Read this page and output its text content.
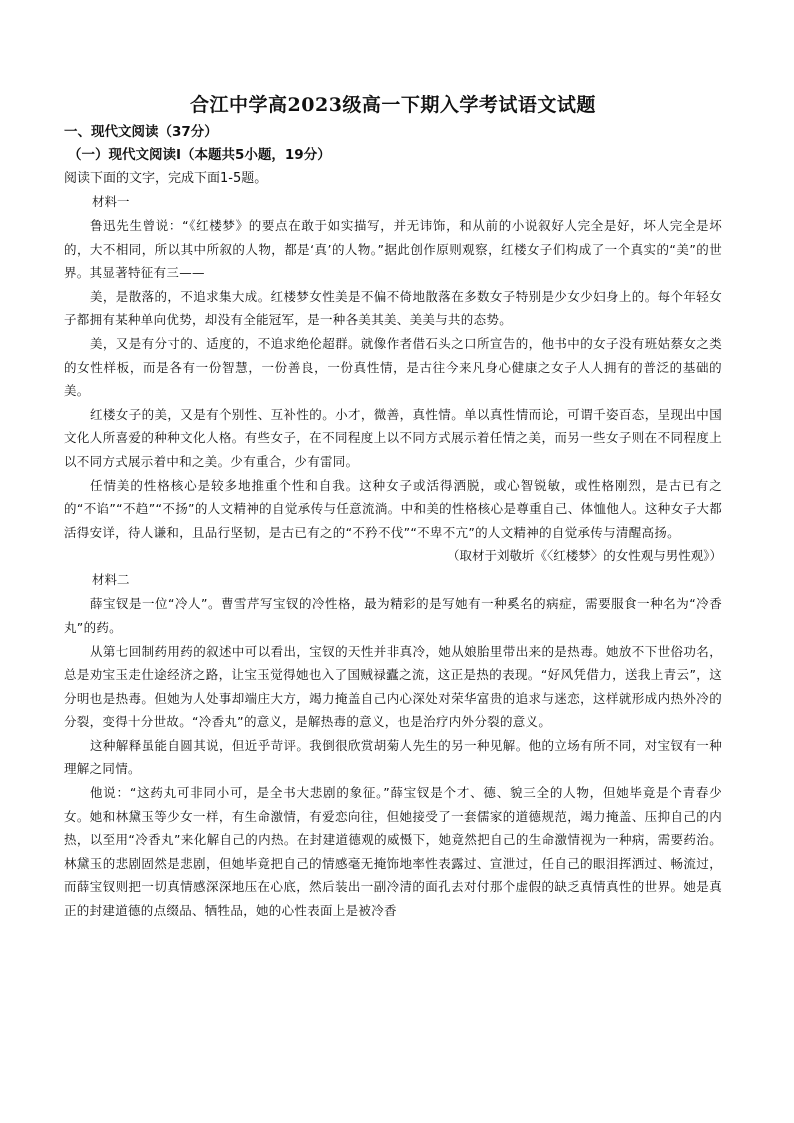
合江中学高2023级高一下期入学考试语文试题
一、现代文阅读（37分）
（一）现代文阅读I（本题共5小题，19分）
阅读下面的文字，完成下面1-5题。
材料一

鲁迅先生曾说：“《红楼梦》的要点在敢于如实描写，并无讳饰，和从前的小说叙好人完全是好，坏人完全是坏的，大不相同，所以其中所叙的人物，都是‘真’的人物。”据此创作原则观察，红楼女子们构成了一个真实的“美”的世界。其显著特征有三——

美，是散落的，不追求集大成。红楼梦女性美是不偏不倚地散落在多数女子特别是少女少妇身上的。每个年轻女子都拥有某种单向优势，却没有全能冠军，是一种各美其美、美美与共的态势。

美，又是有分寸的、适度的，不追求绝伦超群。就像作者借石头之口所宣告的，他书中的女子没有班姑蔡女之类的女性样板，而是各有一份智慧，一份善良，一份真性情，是古往今来凡身心健康之女子人人拥有的普泛的基础的美。

红楼女子的美，又是有个别性、互补性的。小才，微善，真性情。单以真性情而论，可谓千姿百态，呈现出中国文化人所喜爱的种种文化人格。有些女子，在不同程度上以不同方式展示着任情之美，而另一些女子则在不同程度上以不同方式展示着中和之美。少有重合，少有雷同。

任情美的性格核心是较多地推重个性和自我。这种女子或活得洒脱，或心智锐敏，或性格刚烈，是古已有之的“不谄”“不趋”“不扬”的人文精神的自觉承传与任意流淌。中和美的性格核心是尊重自己、体恤他人。这种女子大都活得安详，待人谦和，且品行坚韧，是古已有之的“不矜不伐”“不卑不亢”的人文精神的自觉承传与清醒高扬。

（取材于刘敬圻《〈红楼梦〉的女性观与男性观》）
材料二

薛宝钗是一位“冷人”。曹雪芹写宝钗的冷性格，最为精彩的是写她有一种奚名的病症，需要服食一种名为“冷香丸”的药。

从第七回制药用药的叙述中可以看出，宝钗的天性并非真冷，她从娘胎里带出来的是热毒。她放不下世俗功名，总是劝宝玉走仕途经济之路，让宝玉觉得她也入了国贼禄蠹之流，这正是热的表现。“好风凭借力，送我上青云”，这分明也是热毒。但她为人处事却端庄大方，竭力掩盖自己内心深处对荣华富贵的追求与迷恋，这样就形成内热外冷的分裂，变得十分世故。“冷香丸”的意义，是解热毒的意义，也是治疗内外分裂的意义。

这种解释虽能自圆其说，但近乎苛评。我倒很欣赏胡菊人先生的另一种见解。他的立场有所不同，对宝钗有一种理解之同情。

他说：“这药丸可非同小可，是全书大悲剧的象征。”薛宝钗是个才、德、貌三全的人物，但她毕竟是个青春少女。她和林黛玉等少女一样，有生命激情，有爱恋向往，但她接受了一套儒家的道德规范，竭力掩盖、压抑自己的内热，以至用“冷香丸”来化解自己的内热。在封建道德观的威慑下，她竟然把自己的生命激情视为一种病，需要药治。林黛玉的悲剧固然是悲剧，但她毕竟把自己的情感毫无掩饰地率性表露过、宣泄过，任自己的眼泪挥洒过、畅流过，而薛宝钗则把一切真情感深深地压在心底，然后装出一副冷清的面孔去对付那个虚假的缺乏真情真性的世界。她是真正的封建道德的点缀品、牺牲品，她的心性表面上是被冷香
